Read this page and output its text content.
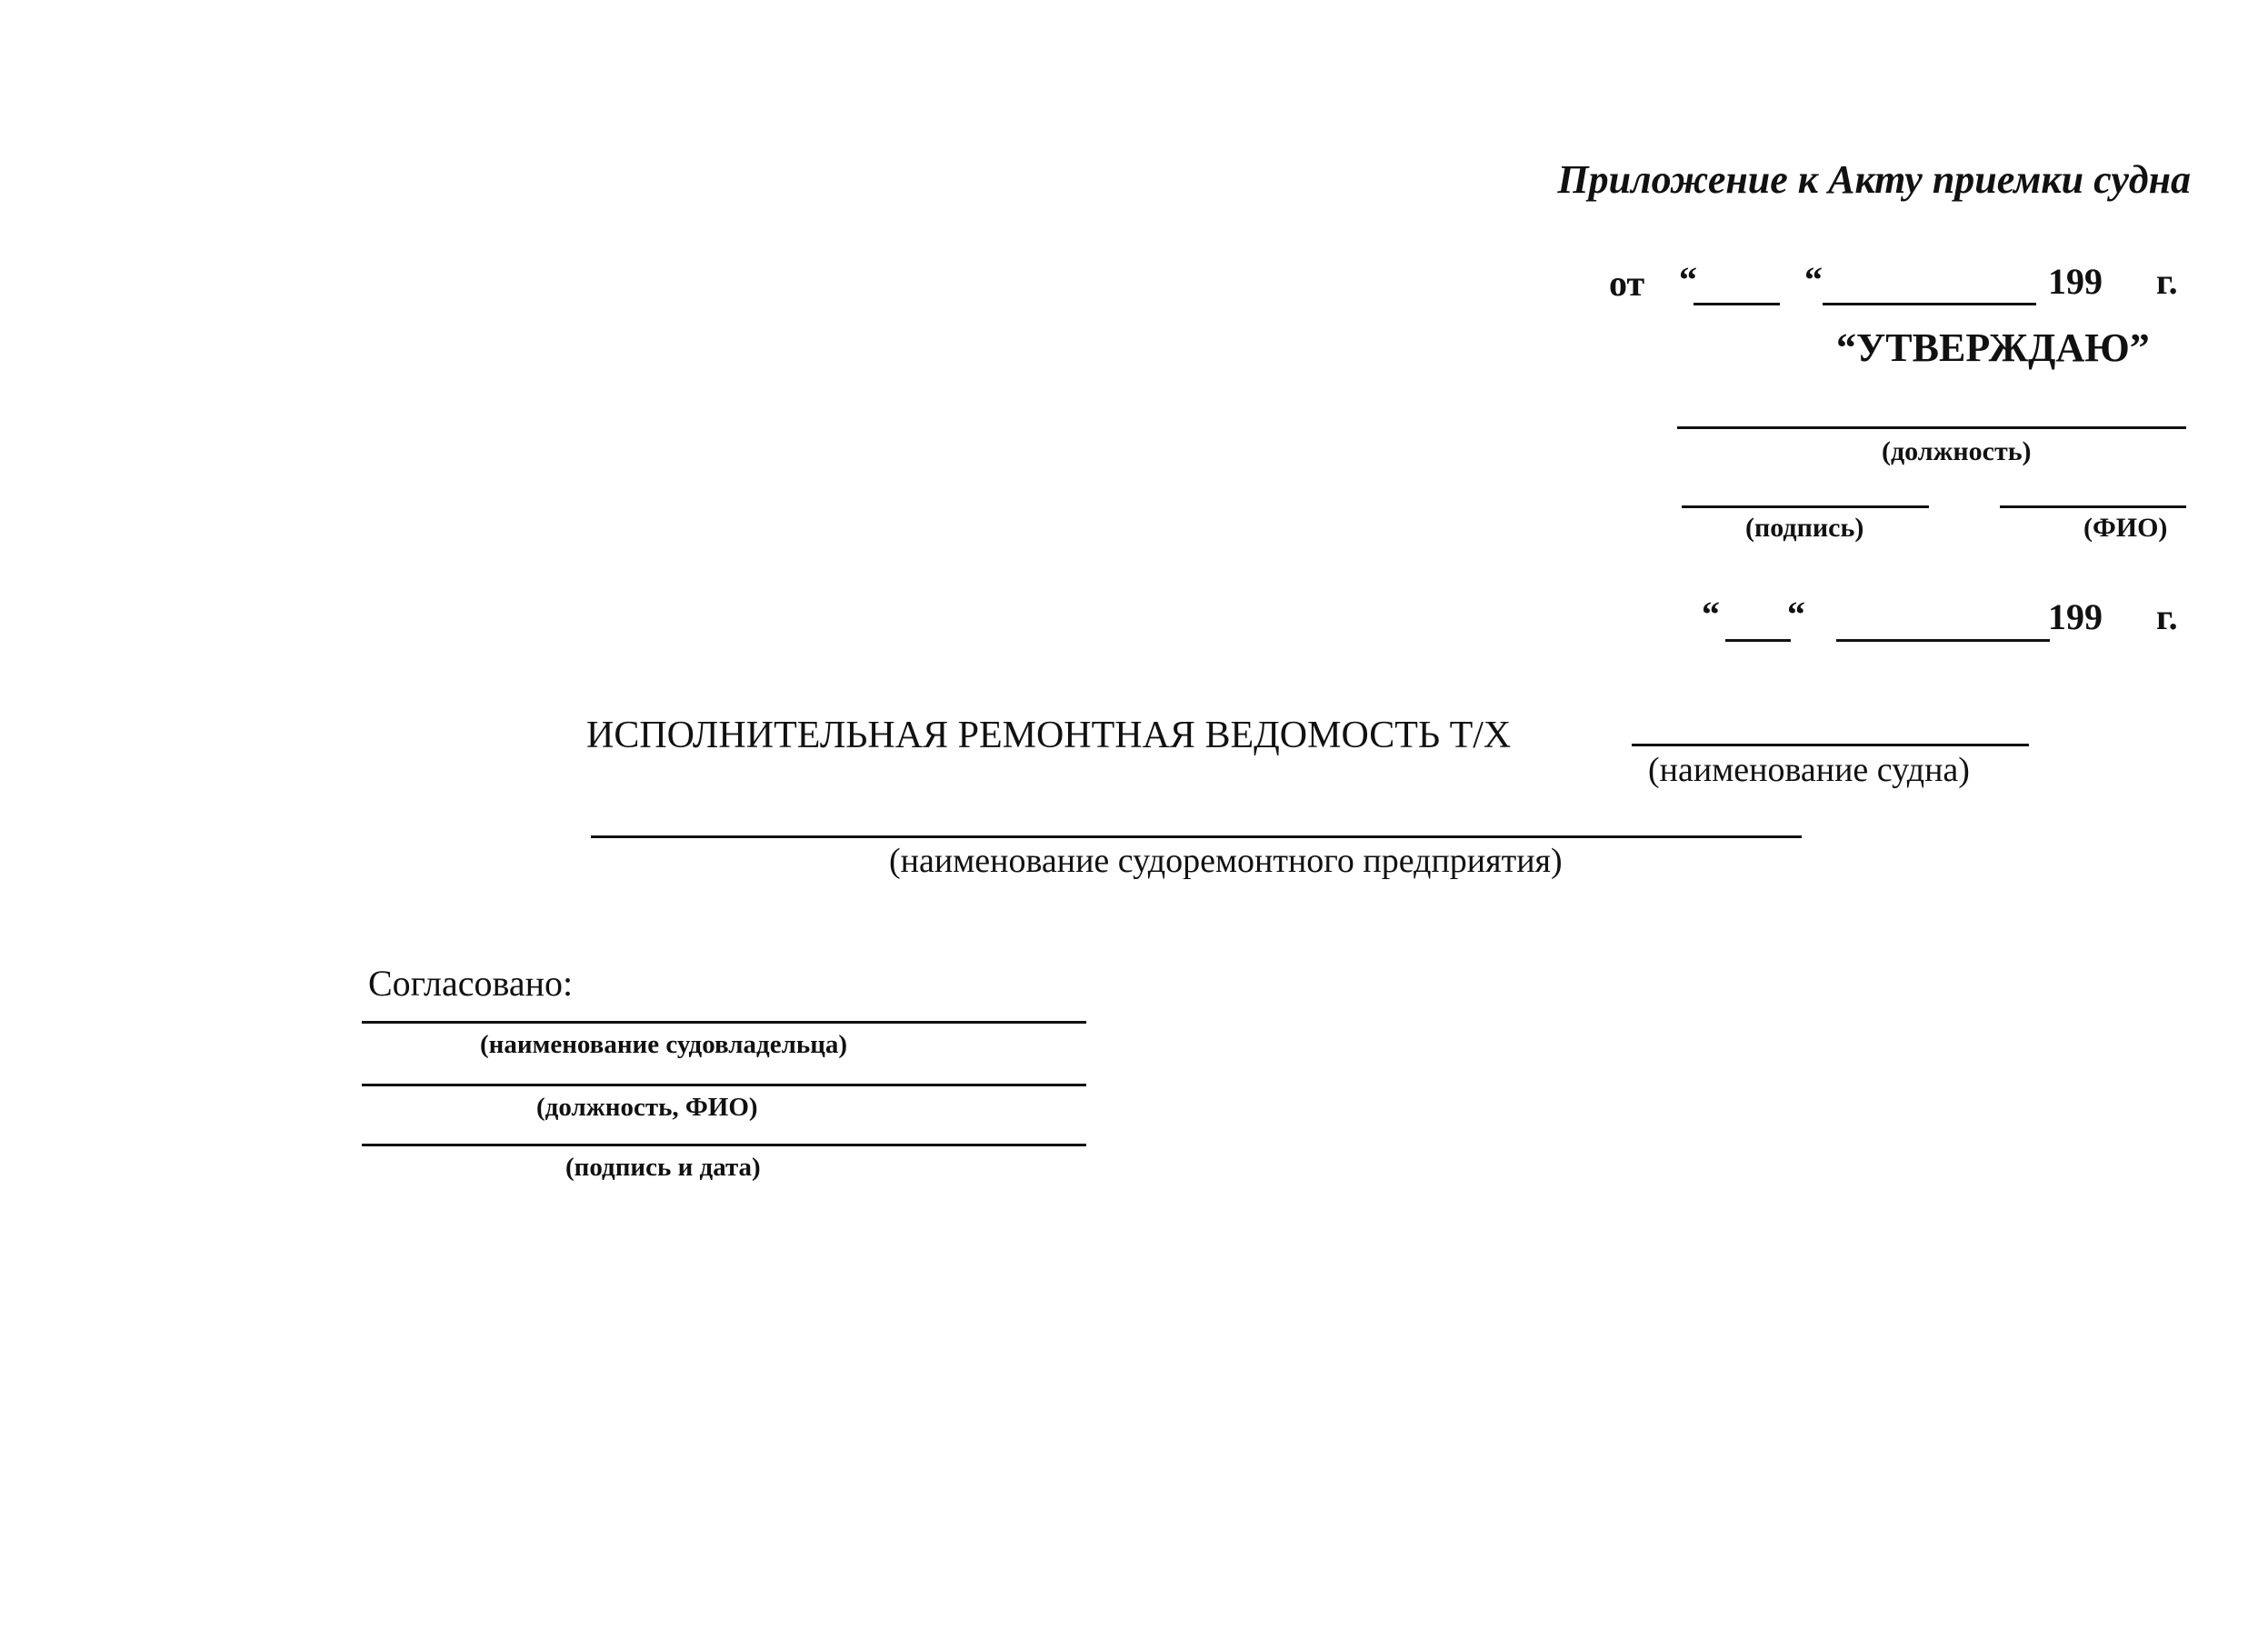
Приложение к Акту приемки судна
от “	“	199 г.
“УТВЕРЖДАЮ”
(должность)
(подпись)	(ФИО)
“ “	199 г.
ИСПОЛНИТЕЛЬНАЯ РЕМОНТНАЯ ВЕДОМОСТЬ Т/Х
(наименование судна)
(наименование судоремонтного предприятия)
Согласовано:
(наименование судовладельца)
(должность, ФИО)
(подпись и дата)
